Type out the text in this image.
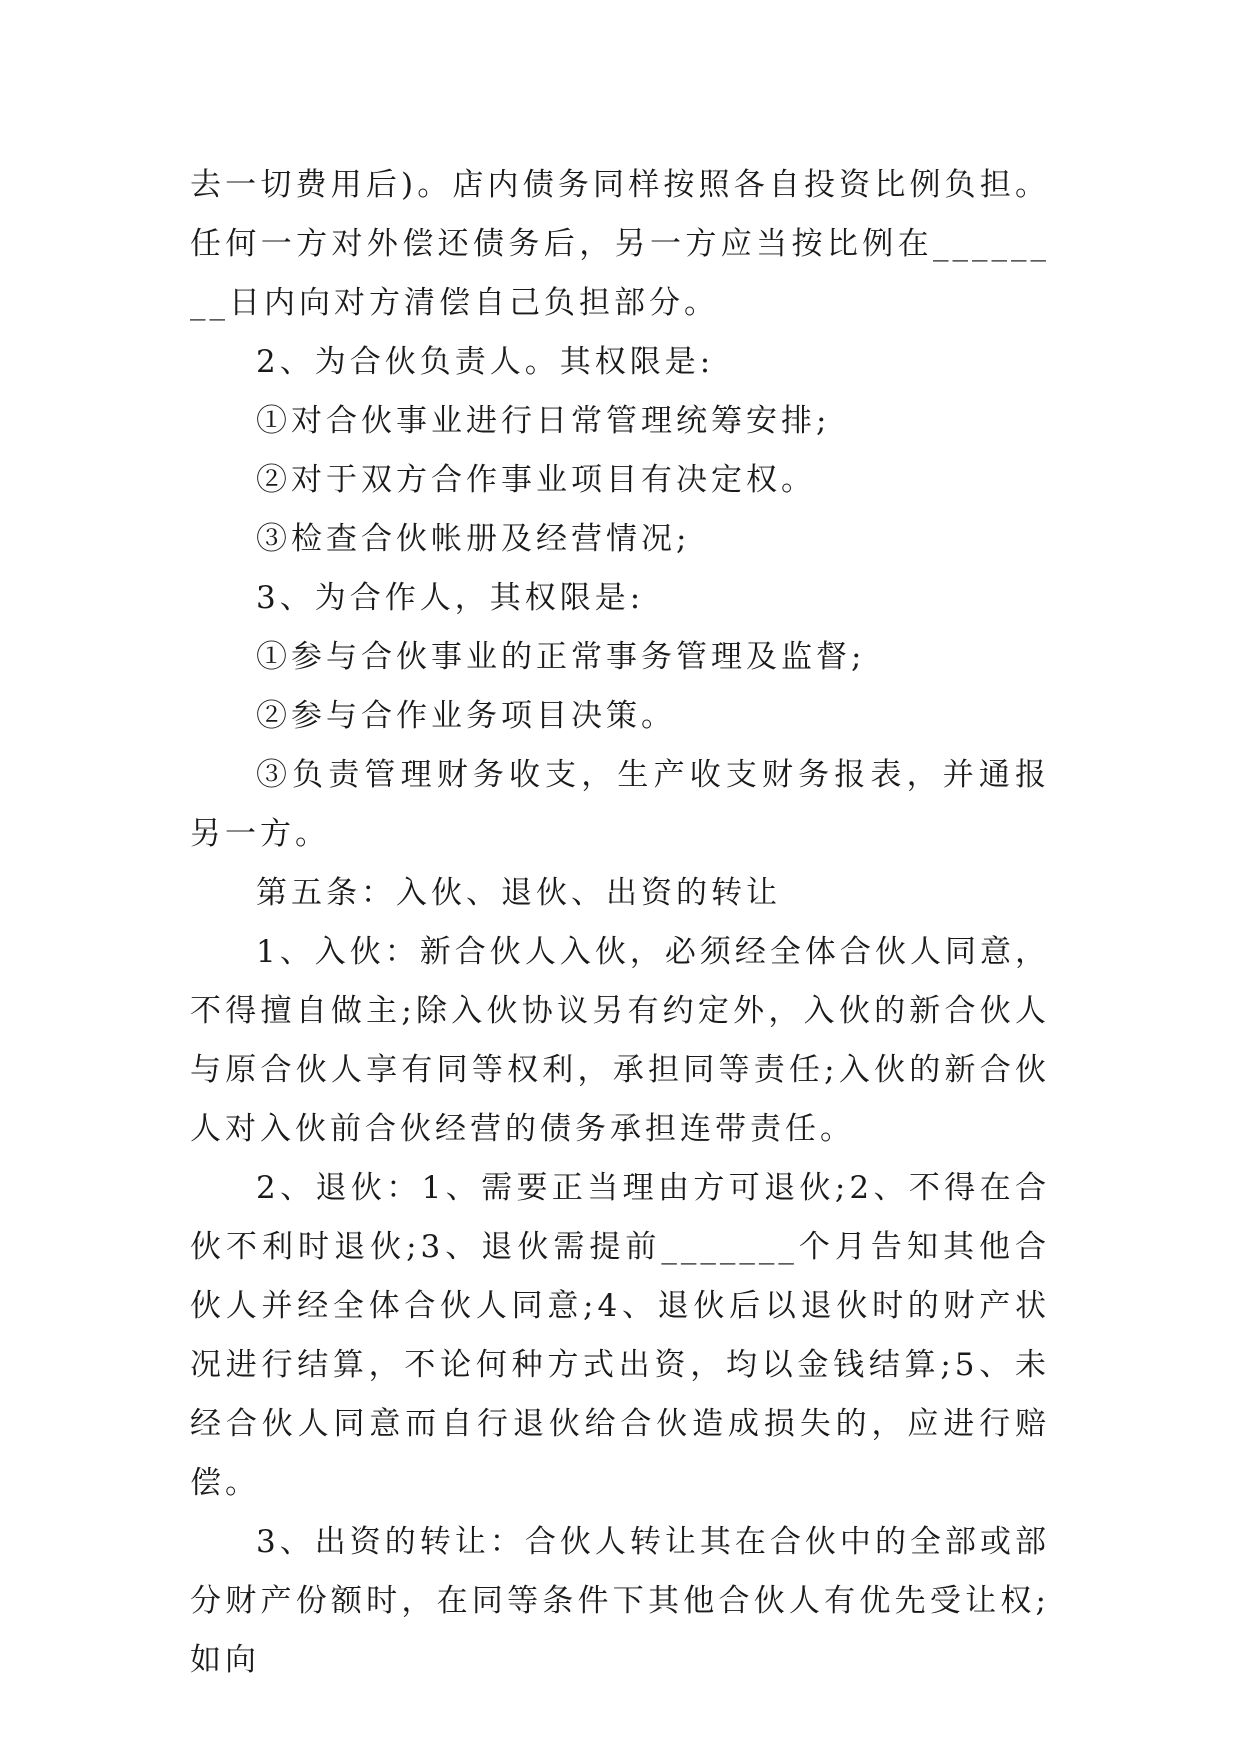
去一切费用后)。店内债务同样按照各自投资比例负担。任何一方对外偿还债务后，另一方应当按比例在________日内向对方清偿自己负担部分。

2、为合伙负责人。其权限是:

①对合伙事业进行日常管理统筹安排;

②对于双方合作事业项目有决定权。

③检查合伙帐册及经营情况;

3、为合作人，其权限是:

①参与合伙事业的正常事务管理及监督;

②参与合作业务项目决策。

③负责管理财务收支，生产收支财务报表，并通报另一方。

第五条：入伙、退伙、出资的转让

1、入伙：新合伙人入伙，必须经全体合伙人同意，不得擅自做主;除入伙协议另有约定外，入伙的新合伙人与原合伙人享有同等权利，承担同等责任;入伙的新合伙人对入伙前合伙经营的债务承担连带责任。

2、退伙：1、需要正当理由方可退伙;2、不得在合伙不利时退伙;3、退伙需提前_______个月告知其他合伙人并经全体合伙人同意;4、退伙后以退伙时的财产状况进行结算，不论何种方式出资，均以金钱结算;5、未经合伙人同意而自行退伙给合伙造成损失的，应进行赔偿。

3、出资的转让：合伙人转让其在合伙中的全部或部分财产份额时，在同等条件下其他合伙人有优先受让权;如向
